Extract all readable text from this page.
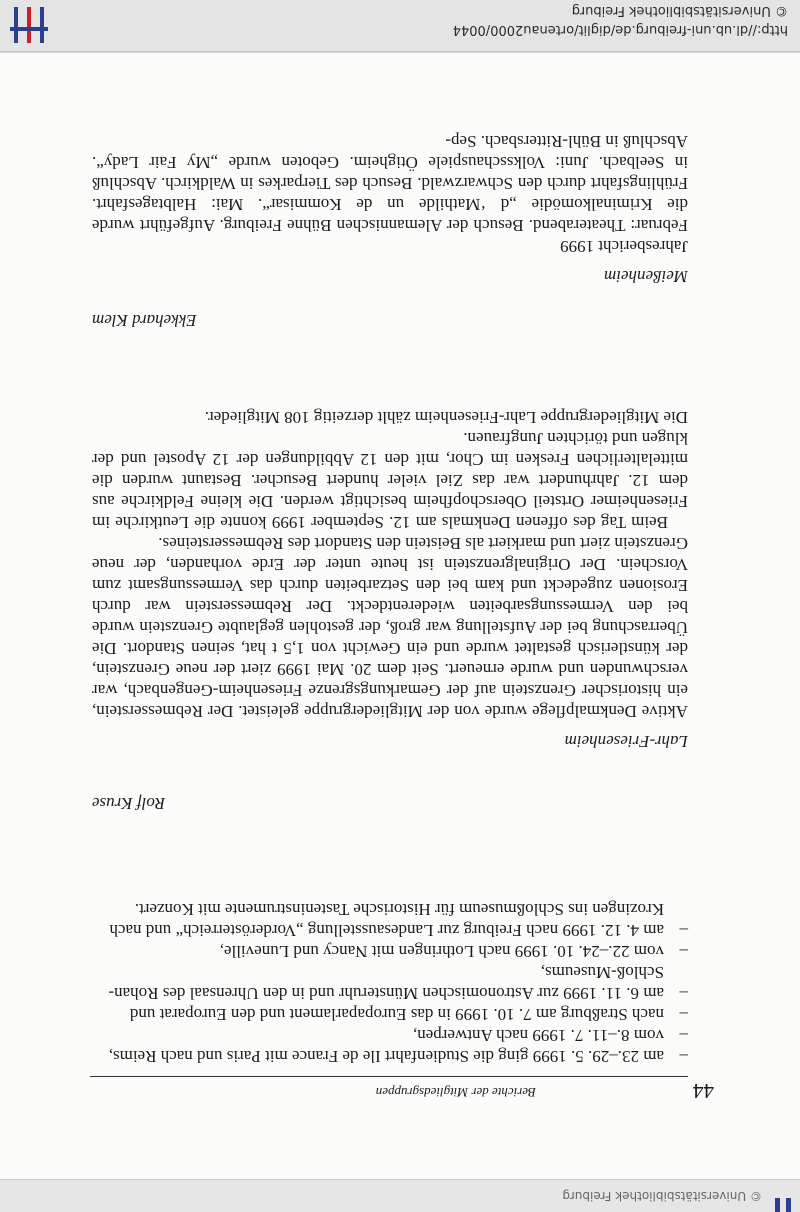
© Universitätsbibliothek Freiburg
44
Berichte der Mitgliedsgruppen
–
am 23.–29. 5. 1999 ging die Studienfahrt Ile de France mit Paris und nach Reims,
–
vom 8.–11. 7. 1999 nach Antwerpen,
–
nach Straßburg am 7. 10. 1999 in das Europaparlament und den Europarat und
–
am 6. 11. 1999 zur Astronomischen Münsteruhr und in den Uhrensaal des Rohan-Schloß-Museums,
–
vom 22.–24. 10. 1999 nach Lothringen mit Nancy und Luneville,
–
am 4. 12. 1999 nach Freiburg zur Landesausstellung „Vorderösterreich“ und nach Krozingen ins Schloßmuseum für Historische Tasteninstrumente mit Konzert.
Rolf Kruse
Lahr-Friesenheim
Aktive Denkmalpflege wurde von der Mitgliedergruppe geleistet. Der Rebmesserstein, ein historischer Grenzstein auf der Gemarkungsgrenze Friesenheim-Gengenbach, war verschwunden und wurde erneuert. Seit dem 20. Mai 1999 ziert der neue Grenzstein, der künstlerisch gestaltet wurde und ein Gewicht von 1,5 t hat, seinen Standort. Die Überraschung bei der Aufstellung war groß, der gestohlen geglaubte Grenzstein wurde bei den Vermessungsarbeiten wiederentdeckt. Der Rebmesserstein war durch Erosionen zugedeckt und kam bei den Setzarbeiten durch das Vermessungsamt zum Vorschein. Der Originalgrenzstein ist heute unter der Erde vorhanden, der neue Grenzstein ziert und markiert als Beistein den Standort des Rebmessersteines.
Beim Tag des offenen Denkmals am 12. September 1999 konnte die Leutkirche im Friesenheimer Ortsteil Oberschopfheim besichtigt werden. Die kleine Feldkirche aus dem 12. Jahrhundert war das Ziel vieler hundert Besucher. Bestaunt wurden die mittelalterlichen Fresken im Chor, mit den 12 Abbildungen der 12 Apostel und der klugen und törichten Jungfrauen.
Die Mitgliedergruppe Lahr-Friesenheim zählt derzeitig 108 Mitglieder.
Ekkehard Klem
Meißenheim
Jahresbericht 1999
Februar: Theaterabend. Besuch der Alemannischen Bühne Freiburg. Aufgeführt wurde die Kriminalkomödie „d ‘Mathilde un de Kommisar“. Mai: Halbtagesfahrt. Frühlingsfahrt durch den Schwarzwald. Besuch des Tierparkes in Waldkirch. Abschluß in Seelbach. Juni: Volksschauspiele Ötigheim. Geboten wurde „My Fair Lady“. Abschluß in Bühl-Rittersbach. Sep-
http://dl.ub.uni-freiburg.de/diglit/ortenau2000/0044
© Universitätsbibliothek Freiburg
